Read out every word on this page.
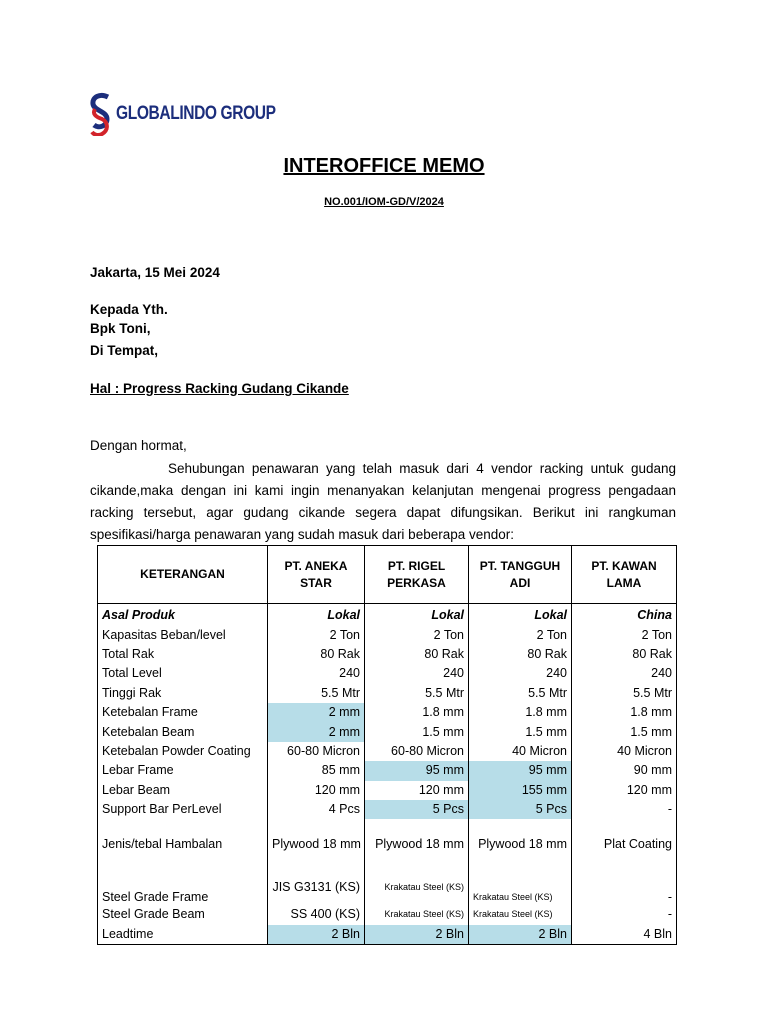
GLOBALINDO GROUP
INTEROFFICE MEMO
NO.001/IOM-GD/V/2024
Jakarta, 15 Mei 2024
Kepada Yth.
Bpk Toni,
Di Tempat,
Hal : Progress Racking Gudang Cikande
Dengan hormat,
Sehubungan penawaran yang telah masuk dari 4 vendor racking untuk gudang cikande,maka dengan ini kami ingin menanyakan kelanjutan mengenai progress pengadaan racking tersebut, agar gudang cikande segera dapat difungsikan. Berikut ini rangkuman spesifikasi/harga penawaran yang sudah masuk dari beberapa vendor:
KETERANGAN	PT. ANEKA STAR	PT. RIGEL PERKASA	PT. TANGGUH ADI	PT. KAWAN LAMA
Asal Produk	Lokal	Lokal	Lokal	China
Kapasitas Beban/level	2 Ton	2 Ton	2 Ton	2 Ton
Total Rak	80 Rak	80 Rak	80 Rak	80 Rak
Total Level	240	240	240	240
Tinggi Rak	5.5 Mtr	5.5 Mtr	5.5 Mtr	5.5 Mtr
Ketebalan Frame	2 mm	1.8 mm	1.8 mm	1.8 mm
Ketebalan Beam	2 mm	1.5 mm	1.5 mm	1.5 mm
Ketebalan Powder Coating	60-80 Micron	60-80 Micron	40 Micron	40 Micron
Lebar Frame	85 mm	95 mm	95 mm	90 mm
Lebar Beam	120 mm	120 mm	155 mm	120 mm
Support Bar PerLevel	4 Pcs	5 Pcs	5 Pcs	-
Jenis/tebal Hambalan	Plywood 18 mm	Plywood 18 mm	Plywood 18 mm	Plat Coating
Steel Grade Frame	JIS G3131 (KS)	Krakatau Steel (KS)	Krakatau Steel (KS)	-
Steel Grade Beam	SS 400 (KS)	Krakatau Steel (KS)	Krakatau Steel (KS)	-
Leadtime	2 Bln	2 Bln	2 Bln	4 Bln
